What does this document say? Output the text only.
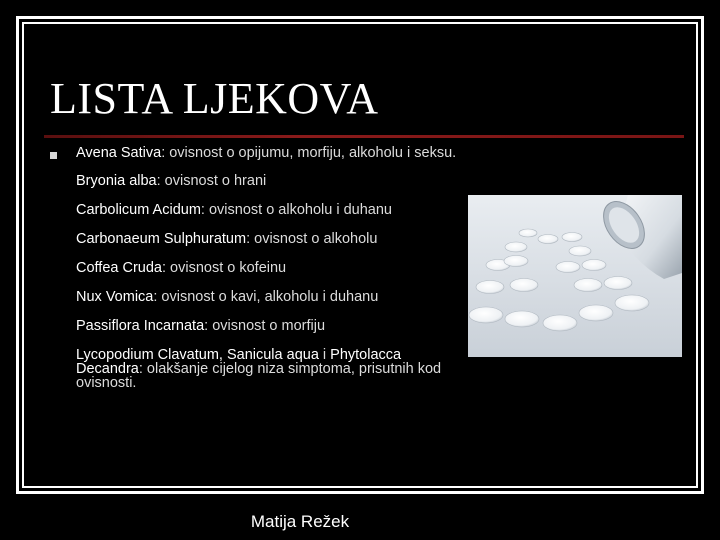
LISTA LJEKOVA
Avena Sativa: ovisnost o opijumu, morfiju, alkoholu i seksu.
Bryonia alba: ovisnost o hrani
Carbolicum Acidum: ovisnost o alkoholu i duhanu
Carbonaeum Sulphuratum: ovisnost o alkoholu
Coffea Cruda: ovisnost o kofeinu
Nux Vomica: ovisnost o kavi, alkoholu i duhanu
Passiflora Incarnata: ovisnost o morfiju
Lycopodium Clavatum, Sanicula aqua i Phytolacca Decandra: olakšanje cijelog niza simptoma, prisutnih kod ovisnosti.
Matija Režek
